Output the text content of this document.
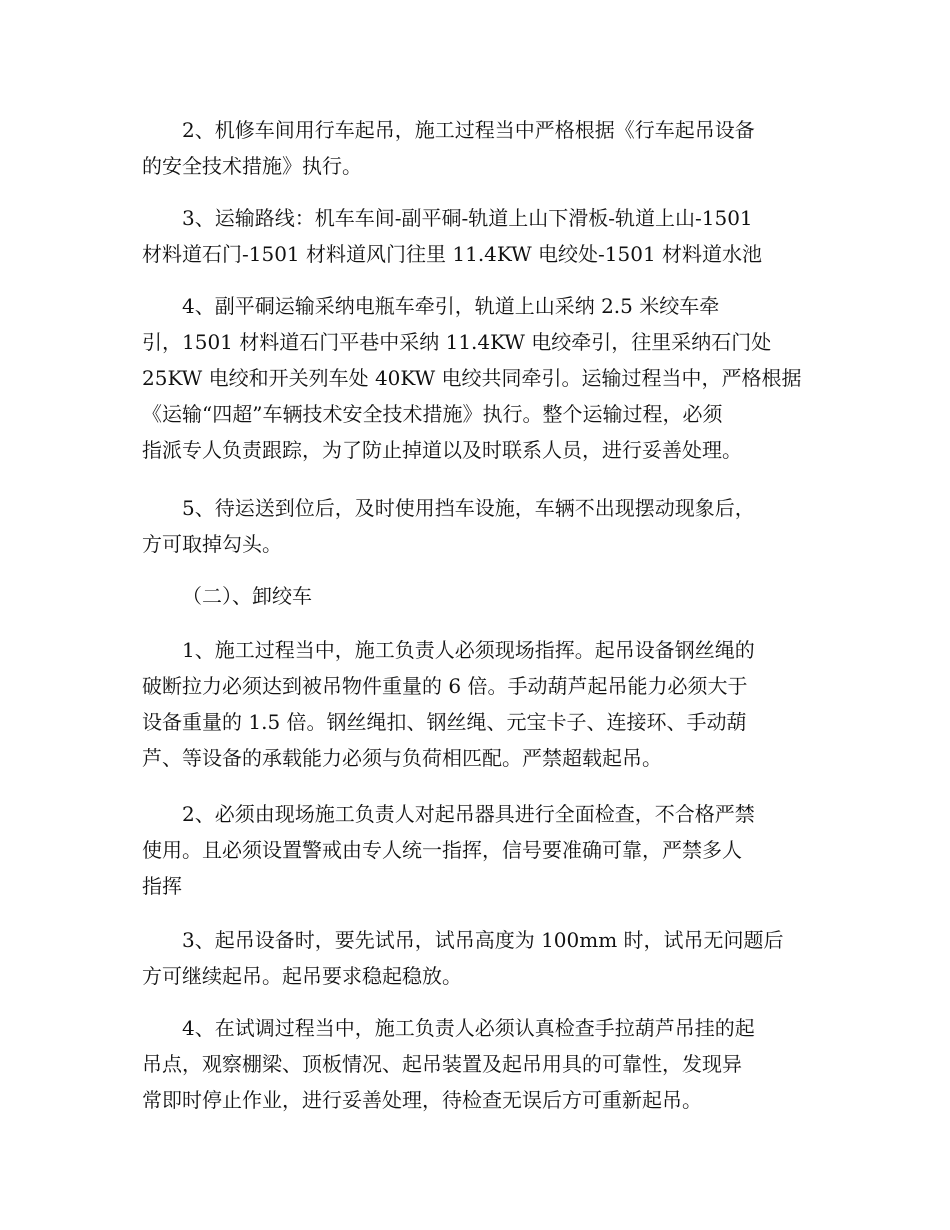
2、机修车间用行车起吊，施工过程当中严格根据《行车起吊设备
的安全技术措施》执行。
3、运输路线：机车车间-副平硐-轨道上山下滑板-轨道上山-1501
材料道石门-1501 材料道风门往里 11.4KW 电绞处-1501 材料道水池
4、副平硐运输采纳电瓶车牵引，轨道上山采纳 2.5 米绞车牵
引，1501 材料道石门平巷中采纳 11.4KW 电绞牵引，往里采纳石门处
25KW 电绞和开关列车处 40KW 电绞共同牵引。运输过程当中，严格根据
《运输“四超”车辆技术安全技术措施》执行。整个运输过程，必须
指派专人负责跟踪，为了防止掉道以及时联系人员，进行妥善处理。
5、待运送到位后，及时使用挡车设施，车辆不出现摆动现象后，
方可取掉勾头。
（二）、卸绞车
1、施工过程当中，施工负责人必须现场指挥。起吊设备钢丝绳的
破断拉力必须达到被吊物件重量的 6 倍。手动葫芦起吊能力必须大于
设备重量的 1.5 倍。钢丝绳扣、钢丝绳、元宝卡子、连接环、手动葫
芦、等设备的承载能力必须与负荷相匹配。严禁超载起吊。
2、必须由现场施工负责人对起吊器具进行全面检查，不合格严禁
使用。且必须设置警戒由专人统一指挥，信号要准确可靠，严禁多人
指挥
3、起吊设备时，要先试吊，试吊高度为 100mm 时，试吊无问题后
方可继续起吊。起吊要求稳起稳放。
4、在试调过程当中，施工负责人必须认真检查手拉葫芦吊挂的起
吊点，观察棚梁、顶板情况、起吊装置及起吊用具的可靠性，发现异
常即时停止作业，进行妥善处理，待检查无误后方可重新起吊。
